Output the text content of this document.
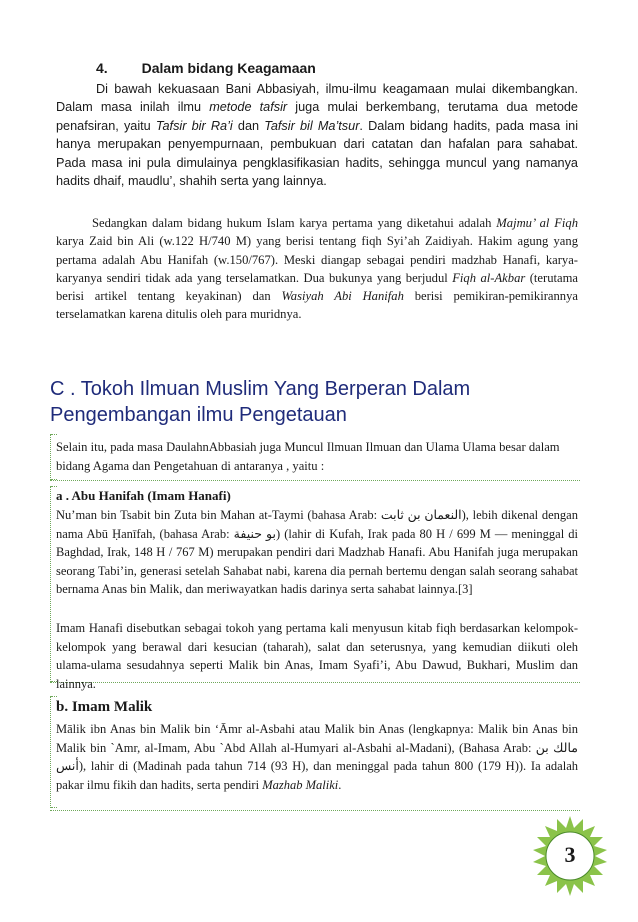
4. Dalam bidang Keagamaan

Di bawah kekuasaan Bani Abbasiyah, ilmu-ilmu keagamaan mulai dikembangkan. Dalam masa inilah ilmu metode tafsir juga mulai berkembang, terutama dua metode penafsiran, yaitu Tafsir bir Ra’i dan Tafsir bil Ma’tsur. Dalam bidang hadits, pada masa ini hanya merupakan penyempurnaan, pembukuan dari catatan dan hafalan para sahabat. Pada masa ini pula dimulainya pengklasifikasian hadits, sehingga muncul yang namanya hadits dhaif, maudlu’, shahih serta yang lainnya.

Sedangkan dalam bidang hukum Islam karya pertama yang diketahui adalah Majmu’ al Fiqh karya Zaid bin Ali (w.122 H/740 M) yang berisi tentang fiqh Syi’ah Zaidiyah. Hakim agung yang pertama adalah Abu Hanifah (w.150/767). Meski diangap sebagai pendiri madzhab Hanafi, karya-karyanya sendiri tidak ada yang terselamatkan. Dua bukunya yang berjudul Fiqh al-Akbar (terutama berisi artikel tentang keyakinan) dan Wasiyah Abi Hanifah berisi pemikiran-pemikirannya terselamatkan karena ditulis oleh para muridnya.

C . Tokoh Ilmuan Muslim Yang Berperan Dalam
Pengembangan ilmu Pengetauan

Selain itu, pada masa DaulahnAbbasiah juga Muncul Ilmuan Ilmuan dan Ulama Ulama besar dalam bidang Agama dan Pengetahuan di antaranya , yaitu :

a . Abu Hanifah (Imam Hanafi)

Nu’man bin Tsabit bin Zuta bin Mahan at-Taymi (bahasa Arab: النعمان بن ثابت), lebih dikenal dengan nama Abū Ḥanīfah, (bahasa Arab: بو حنيفة) (lahir di Kufah, Irak pada 80 H / 699 M — meninggal di Baghdad, Irak, 148 H / 767 M) merupakan pendiri dari Madzhab Hanafi. Abu Hanifah juga merupakan seorang Tabi’in, generasi setelah Sahabat nabi, karena dia pernah bertemu dengan salah seorang sahabat bernama Anas bin Malik, dan meriwayatkan hadis darinya serta sahabat lainnya.[3]

Imam Hanafi disebutkan sebagai tokoh yang pertama kali menyusun kitab fiqh berdasarkan kelompok-kelompok yang berawal dari kesucian (taharah), salat dan seterusnya, yang kemudian diikuti oleh ulama-ulama sesudahnya seperti Malik bin Anas, Imam Syafi’i, Abu Dawud, Bukhari, Muslim dan lainnya.

b. Imam Malik

Mālik ibn Anas bin Malik bin ‘Āmr al-Asbahi atau Malik bin Anas (lengkapnya: Malik bin Anas bin Malik bin `Amr, al-Imam, Abu `Abd Allah al-Humyari al-Asbahi al-Madani), (Bahasa Arab: مالك بن أنس), lahir di (Madinah pada tahun 714 (93 H), dan meninggal pada tahun 800 (179 H)). Ia adalah pakar ilmu fikih dan hadits, serta pendiri Mazhab Maliki.

3
